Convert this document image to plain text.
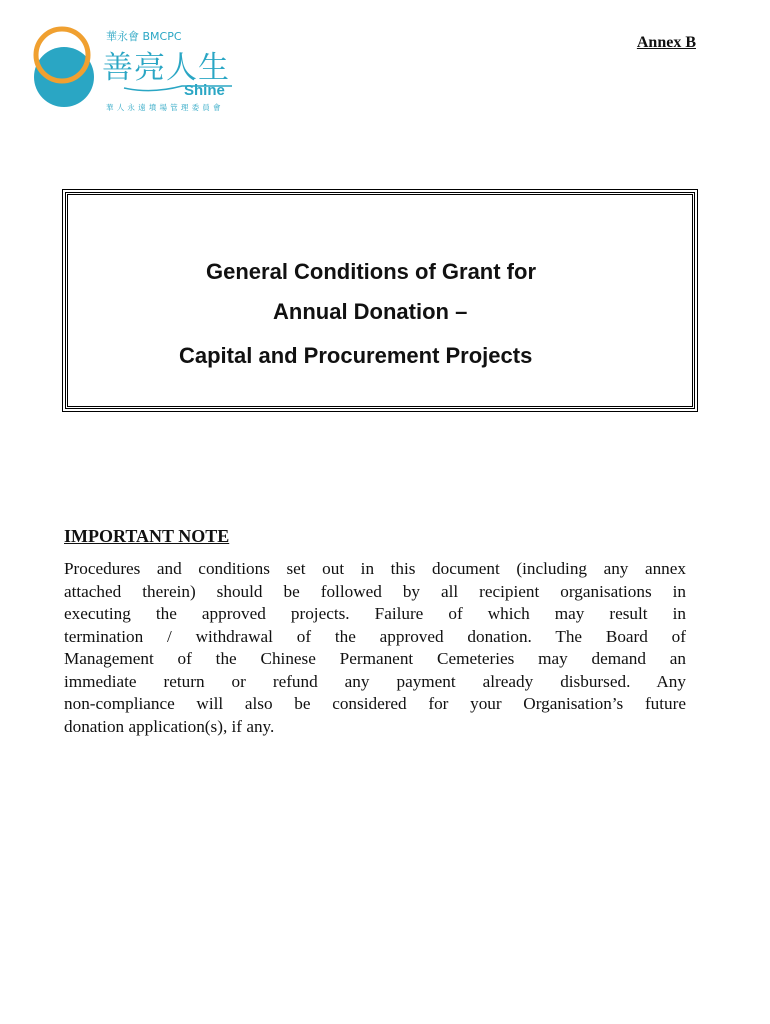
華永會 BMCPC
善亮人生
Shine
華人永遠墳場管理委員會
Annex B
General Conditions of Grant for
Annual Donation –
Capital and Procurement Projects
IMPORTANT NOTE
Procedures and conditions set out in this document (including any annex
attached therein) should be followed by all recipient organisations in
executing the approved projects. Failure of which may result in
termination / withdrawal of the approved donation. The Board of
Management of the Chinese Permanent Cemeteries may demand an
immediate return or refund any payment already disbursed. Any
non-compliance will also be considered for your Organisation’s future
donation application(s), if any.
